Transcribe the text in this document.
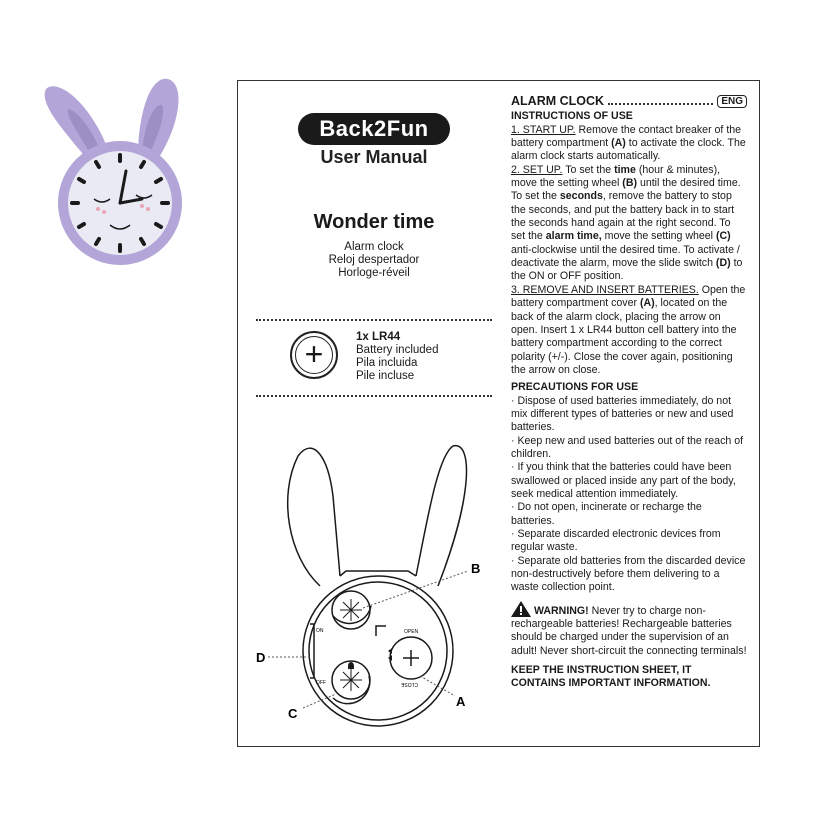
Back2Fun
User Manual
Wonder time
Alarm clock
Reloj despertador
Horloge-réveil
+
1x LR44
Battery included
Pila incluida
Pile incluse
D
B
A
C
ON
OFF
OPEN
CLOSE
ALARM CLOCK	ENG
INSTRUCTIONS OF USE
1. START UP. Remove the contact breaker of the battery compartment (A) to activate the clock. The alarm clock starts automatically.
2. SET UP. To set the time (hour & minutes), move the setting wheel (B) until the desired time. To set the seconds, remove the battery to stop the seconds, and put the battery back in to start the seconds hand again at the right second. To set the alarm time, move the setting wheel (C) anti-clockwise until the desired time. To activate / deactivate the alarm, move the slide switch (D) to the ON or OFF position.
3. REMOVE AND INSERT BATTERIES. Open the battery compartment cover (A), located on the back of the alarm clock, placing the arrow on open. Insert 1 x LR44 button cell battery into the battery compartment according to the correct polarity (+/-). Close the cover again, positioning the arrow on close.
PRECAUTIONS FOR USE
· Dispose of used batteries immediately, do not mix different types of batteries or new and used batteries.
· Keep new and used batteries out of the reach of children.
· If you think that the batteries could have been swallowed or placed inside any part of the body, seek medical attention immediately.
· Do not open, incinerate or recharge the batteries.
· Separate discarded electronic devices from regular waste.
· Separate old batteries from the discarded device non-destructively before them delivering to a waste collection point.
WARNING! Never try to charge non-rechargeable batteries! Rechargeable batteries should be charged under the supervision of an adult! Never short-circuit the connecting terminals!
KEEP THE INSTRUCTION SHEET, IT CONTAINS IMPORTANT INFORMATION.
